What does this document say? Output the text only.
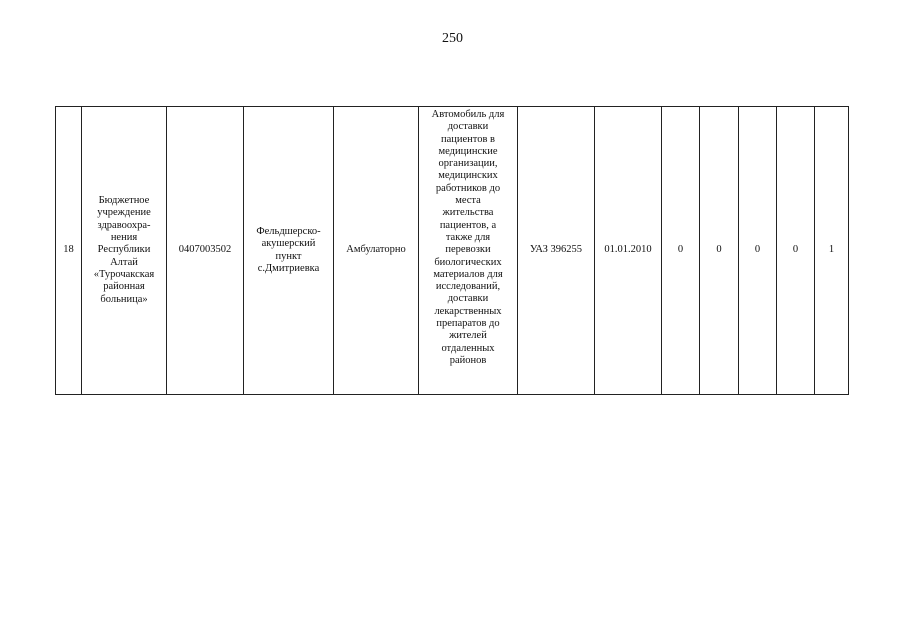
250
18	Бюджетное
учреждение
здравоохра-
нения
Республики
Алтай
«Турочакская
районная
больница»	0407003502	Фельдшерско-
акушерский
пункт
с.Дмитриевка	Амбулаторно	Автомобиль для
доставки
пациентов в
медицинские
организации,
медицинских
работников до
места
жительства
пациентов, а
также для
перевозки
биологических
материалов для
исследований,
доставки
лекарственных
препаратов до
жителей
отдаленных
районов	УАЗ 396255	01.01.2010	0	0	0	0	1
